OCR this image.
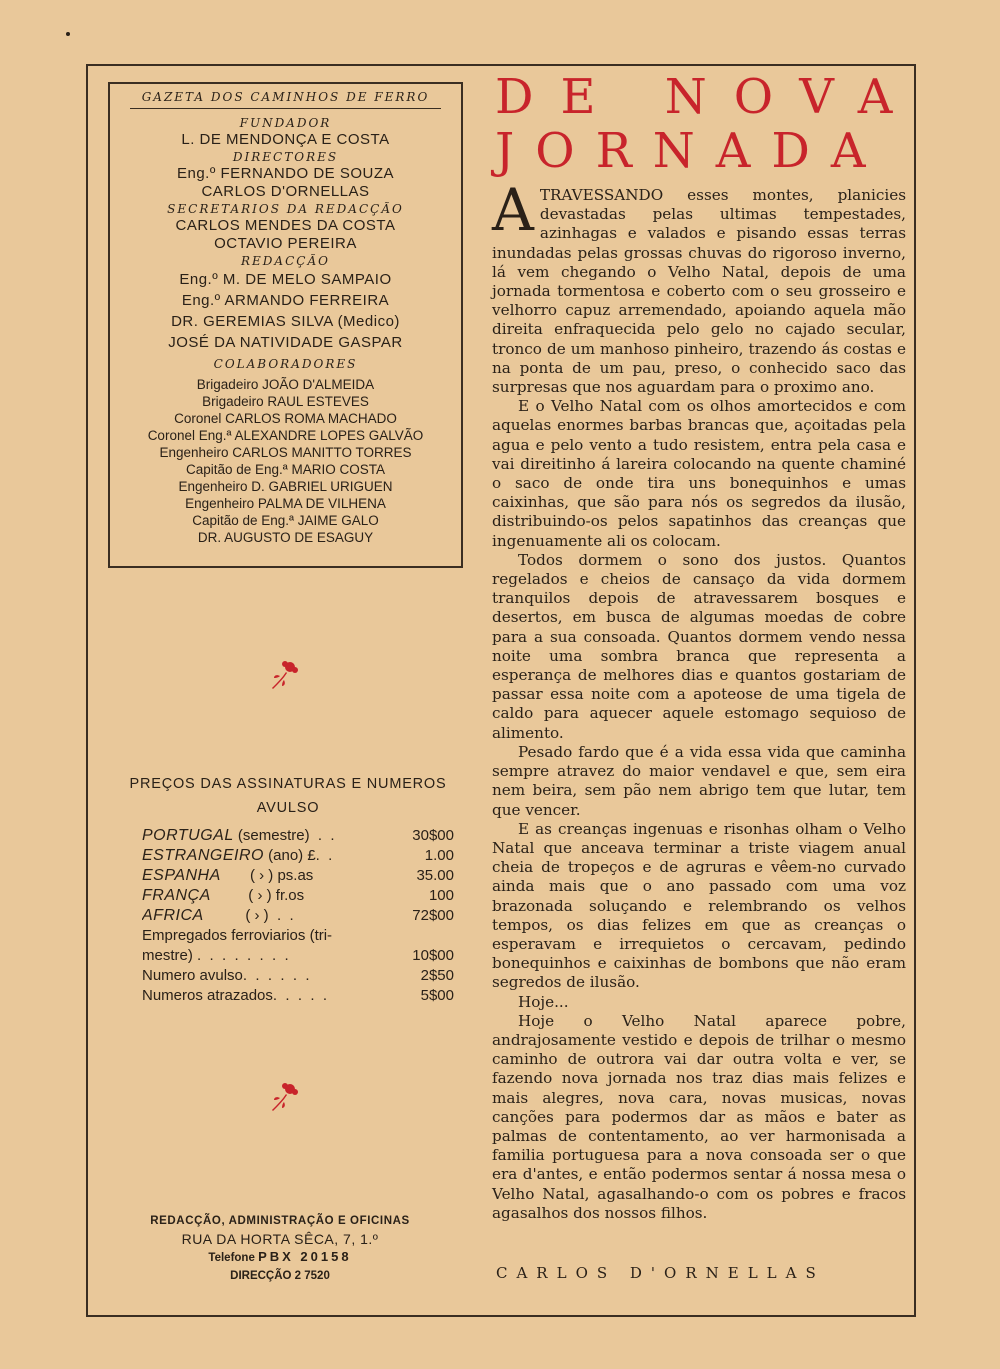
GAZETA DOS CAMINHOS DE FERRO
FUNDADOR
L. DE MENDONÇA E COSTA
DIRECTORES
Eng.º FERNANDO DE SOUZA
CARLOS D'ORNELLAS
SECRETARIOS DA REDACÇÃO
CARLOS MENDES DA COSTA
OCTAVIO PEREIRA
REDACÇÃO
Eng.º M. DE MELO SAMPAIO
Eng.º ARMANDO FERREIRA
DR. GEREMIAS SILVA (Medico)
JOSÉ DA NATIVIDADE GASPAR
COLABORADORES
Brigadeiro JOÃO D'ALMEIDA
Brigadeiro RAUL ESTEVES
Coronel CARLOS ROMA MACHADO
Coronel Eng.ª ALEXANDRE LOPES GALVÃO
Engenheiro CARLOS MANITTO TORRES
Capitão de Eng.ª MARIO COSTA
Engenheiro D. GABRIEL URIGUEN
Engenheiro PALMA DE VILHENA
Capitão de Eng.ª JAIME GALO
DR. AUGUSTO DE ESAGUY
PREÇOS DAS ASSINATURAS E NUMEROS
AVULSO
PORTUGAL (semestre)  .  .	30$00
ESTRANGEIRO (ano) £.  .	1.00
ESPANHA       ( › ) ps.as	35.00
FRANÇA         ( › ) fr.os	100
AFRICA          ( › )  .  .	72$00
Empregados ferroviarios (tri-
mestre) .  .  .  .  .  .  .  .	10$00
Numero avulso.  .  .  .  .  .	2$50
Numeros atrazados.  .  .  .  .	5$00
REDACÇÃO, ADMINISTRAÇÃO E OFICINAS
RUA DA HORTA SÊCA, 7, 1.º
Telefone PBX 20158
DIRECÇÃO 2 7520
DE NOVA
JORNADA

ATRAVESSANDO esses montes, planicies devastadas pelas ultimas tempestades, azinhagas e valados e pisando essas terras inundadas pelas grossas chuvas do rigoroso inverno, lá vem chegando o Velho Natal, depois de uma jornada tormentosa e coberto com o seu grosseiro e velhorro capuz arremendado, apoiando aquela mão direita enfraquecida pelo gelo no cajado secular, tronco de um manhoso pinheiro, trazendo ás costas e na ponta de um pau, preso, o conhecido saco das surpresas que nos aguardam para o proximo ano.

E o Velho Natal com os olhos amortecidos e com aquelas enormes barbas brancas que, açoitadas pela agua e pelo vento a tudo resistem, entra pela casa e vai direitinho á lareira colocando na quente chaminé o saco de onde tira uns bonequinhos e umas caixinhas, que são para nós os segredos da ilusão, distribuindo-os pelos sapatinhos das creanças que ingenuamente ali os colocam.

Todos dormem o sono dos justos. Quantos regelados e cheios de cansaço da vida dormem tranquilos depois de atravessarem bosques e desertos, em busca de algumas moedas de cobre para a sua consoada. Quantos dormem vendo nessa noite uma sombra branca que representa a esperança de melhores dias e quantos gostariam de passar essa noite com a apoteose de uma tigela de caldo para aquecer aquele estomago sequioso de alimento.

Pesado fardo que é a vida essa vida que caminha sempre atravez do maior vendavel e que, sem eira nem beira, sem pão nem abrigo tem que lutar, tem que vencer.

E as creanças ingenuas e risonhas olham o Velho Natal que anceava terminar a triste viagem anual cheia de tropeços e de agruras e vêem-no curvado ainda mais que o ano passado com uma voz brazonada soluçando e relembrando os velhos tempos, os dias felizes em que as creanças o esperavam e irrequietos o cercavam, pedindo bonequinhos e caixinhas de bombons que não eram segredos de ilusão.

Hoje...

Hoje o Velho Natal aparece pobre, andrajosamente vestido e depois de trilhar o mesmo caminho de outrora vai dar outra volta e ver, se fazendo nova jornada nos traz dias mais felizes e mais alegres, nova cara, novas musicas, novas canções para podermos dar as mãos e bater as palmas de contentamento, ao ver harmonisada a familia portuguesa para a nova consoada ser o que era d'antes, e então podermos sentar á nossa mesa o Velho Natal, agasalhando-o com os pobres e fracos agasalhos dos nossos filhos.

CARLOS D'ORNELLAS
